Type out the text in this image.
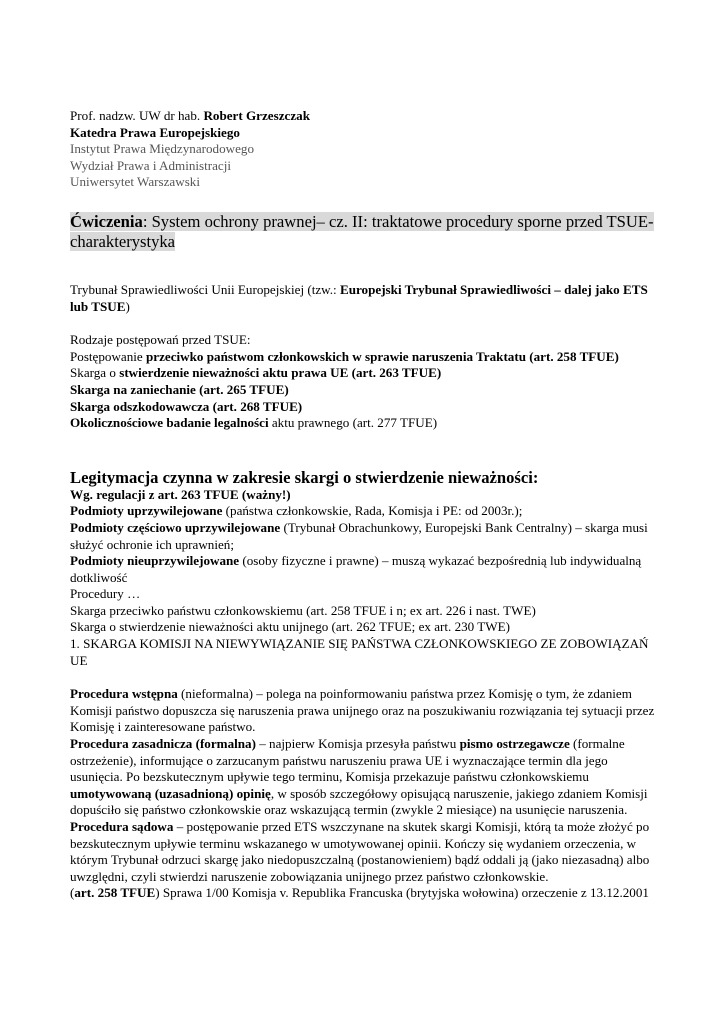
Prof. nadzw. UW dr hab. Robert Grzeszczak

Katedra Prawa Europejskiego

Instytut Prawa Międzynarodowego

Wydział Prawa i Administracji

Uniwersytet Warszawski

Ćwiczenia: System ochrony prawnej– cz. II: traktatowe procedury sporne przed TSUE-
charakterystyka

Trybunał Sprawiedliwości Unii Europejskiej (tzw.: Europejski Trybunał Sprawiedliwości – dalej jako ETS lub TSUE)

Rodzaje postępowań przed TSUE:

Postępowanie przeciwko państwom członkowskich w sprawie naruszenia Traktatu (art. 258 TFUE)

Skarga o stwierdzenie nieważności aktu prawa UE (art. 263 TFUE)

Skarga na zaniechanie (art. 265 TFUE)

Skarga odszkodowawcza (art. 268 TFUE)

Okolicznościowe badanie legalności aktu prawnego (art. 277 TFUE)

Legitymacja czynna w zakresie skargi o stwierdzenie nieważności:

Wg. regulacji z art. 263 TFUE (ważny!)

Podmioty uprzywilejowane (państwa członkowskie, Rada, Komisja i PE: od 2003r.);

Podmioty częściowo uprzywilejowane (Trybunał Obrachunkowy, Europejski Bank Centralny) – skarga musi służyć ochronie ich uprawnień;

Podmioty nieuprzywilejowane (osoby fizyczne i prawne) – muszą wykazać bezpośrednią lub indywidualną dotkliwość

Procedury …

Skarga przeciwko państwu członkowskiemu (art. 258 TFUE i n; ex art. 226 i nast. TWE)

Skarga o stwierdzenie nieważności aktu unijnego (art. 262 TFUE; ex art. 230 TWE)

1. SKARGA KOMISJI NA NIEWYWIĄZANIE SIĘ PAŃSTWA CZŁONKOWSKIEGO ZE ZOBOWIĄZAŃ UE

Procedura wstępna (nieformalna) – polega na poinformowaniu państwa przez Komisję o tym, że zdaniem Komisji państwo dopuszcza się naruszenia prawa unijnego oraz na poszukiwaniu rozwiązania tej sytuacji przez Komisję i zainteresowane państwo.

Procedura zasadnicza (formalna) – najpierw Komisja przesyła państwu pismo ostrzegawcze (formalne ostrzeżenie), informujące o zarzucanym państwu naruszeniu prawa UE i wyznaczające termin dla jego usunięcia. Po bezskutecznym upływie tego terminu, Komisja przekazuje państwu członkowskiemu umotywowaną (uzasadnioną) opinię, w sposób szczegółowy opisującą naruszenie, jakiego zdaniem Komisji dopuściło się państwo członkowskie oraz wskazującą termin (zwykle 2 miesiące) na usunięcie naruszenia.

Procedura sądowa – postępowanie przed ETS wszczynane na skutek skargi Komisji, którą ta może złożyć po bezskutecznym upływie terminu wskazanego w umotywowanej opinii. Kończy się wydaniem orzeczenia, w którym Trybunał odrzuci skargę jako niedopuszczalną (postanowieniem) bądź oddali ją (jako niezasadną) albo uwzględni, czyli stwierdzi naruszenie zobowiązania unijnego przez państwo członkowskie.

(art. 258 TFUE) Sprawa 1/00 Komisja v. Republika Francuska (brytyjska wołowina) orzeczenie z 13.12.2001
